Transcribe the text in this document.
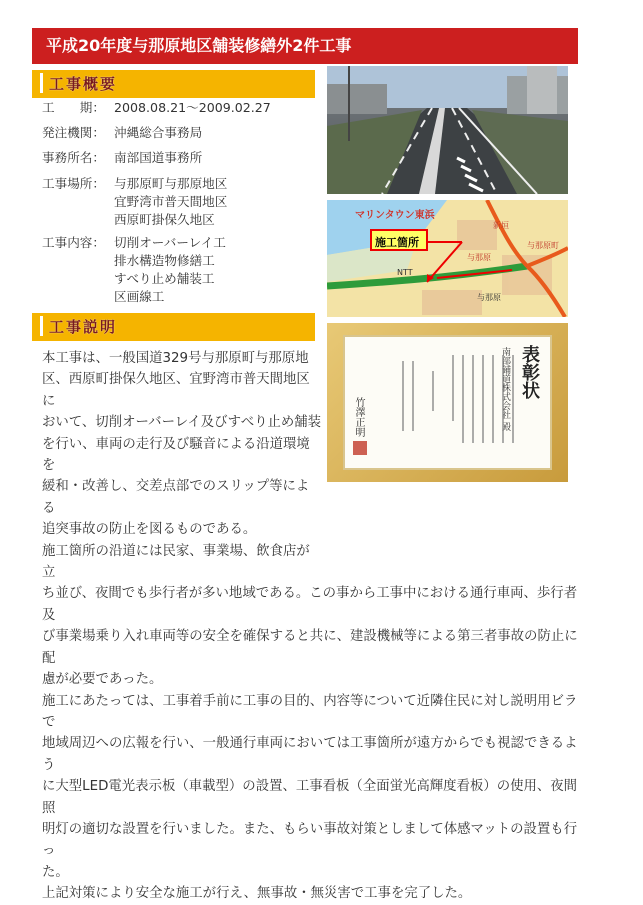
平成20年度与那原地区舗装修繕外2件工事
工事概要
工　　期： 2008.08.21～2009.02.27
発注機関： 沖縄総合事務局
事務所名： 南部国道事務所
工事場所： 与那原町与那原地区
宜野湾市普天間地区
西原町掛保久地区
工事内容： 切削オーバーレイ工
排水構造物修繕工
すべり止め舗装工
区画線工
工事説明

本工事は、一般国道329号与那原町与那原地

区、西原町掛保久地区、宜野湾市普天間地区に

おいて、切削オーバーレイ及びすべり止め舗装

を行い、車両の走行及び騒音による沿道環境を

緩和・改善し、交差点部でのスリップ等による

追突事故の防止を図るものである。

施工箇所の沿道には民家、事業場、飲食店が立

ち並び、夜間でも歩行者が多い地域である。この事から工事中における通行車両、歩行者及

び事業場乗り入れ車両等の安全を確保すると共に、建設機械等による第三者事故の防止に配

慮が必要であった。

施工にあたっては、工事着手前に工事の目的、内容等について近隣住民に対し説明用ビラで

地域周辺への広報を行い、一般通行車両においては工事箇所が遠方からでも視認できるよう

に大型LED電光表示板（車載型）の設置、工事看板（全面蛍光高輝度看板）の使用、夜間照

明灯の適切な設置を行いました。また、もらい事故対策としまして体感マットの設置も行っ

た。

上記対策により安全な施工が行え、無事故・無災害で工事を完了した。

マリンタウン東浜
施工箇所
新垣
与那原
与那原町
与那原
NTT
表彰状
南部鋪道株式会社 殿
竹澤正明
